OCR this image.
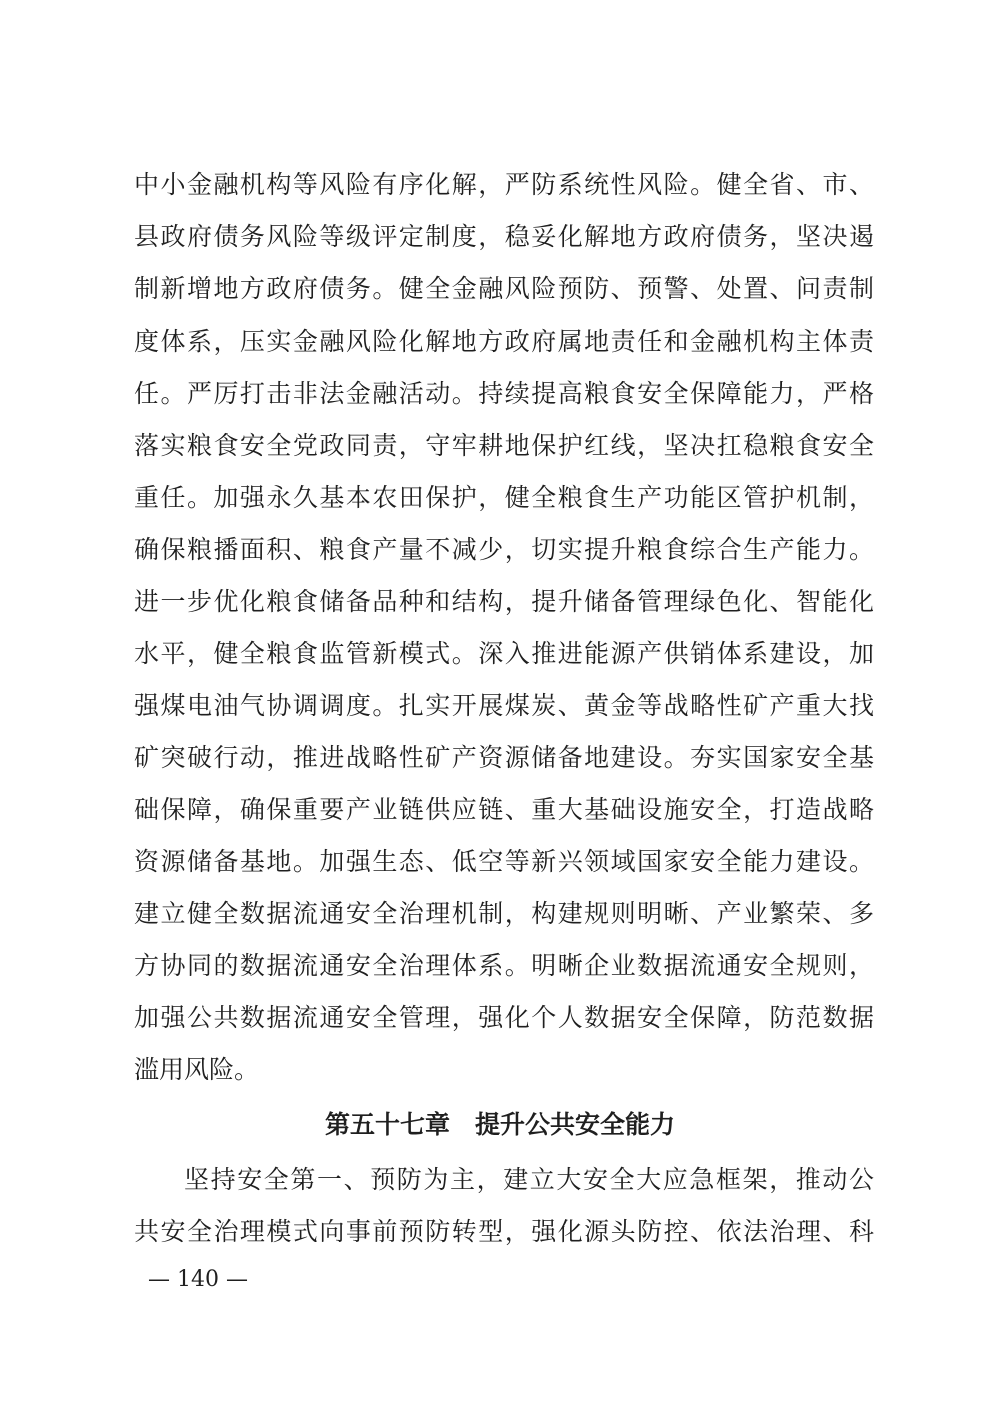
中小金融机构等风险有序化解，严防系统性风险。健全省、市、
县政府债务风险等级评定制度，稳妥化解地方政府债务，坚决遏
制新增地方政府债务。健全金融风险预防、预警、处置、问责制
度体系，压实金融风险化解地方政府属地责任和金融机构主体责
任。严厉打击非法金融活动。持续提高粮食安全保障能力，严格
落实粮食安全党政同责，守牢耕地保护红线，坚决扛稳粮食安全
重任。加强永久基本农田保护，健全粮食生产功能区管护机制，
确保粮播面积、粮食产量不减少，切实提升粮食综合生产能力。
进一步优化粮食储备品种和结构，提升储备管理绿色化、智能化
水平，健全粮食监管新模式。深入推进能源产供销体系建设，加
强煤电油气协调调度。扎实开展煤炭、黄金等战略性矿产重大找
矿突破行动，推进战略性矿产资源储备地建设。夯实国家安全基
础保障，确保重要产业链供应链、重大基础设施安全，打造战略
资源储备基地。加强生态、低空等新兴领域国家安全能力建设。
建立健全数据流通安全治理机制，构建规则明晰、产业繁荣、多
方协同的数据流通安全治理体系。明晰企业数据流通安全规则，
加强公共数据流通安全管理，强化个人数据安全保障，防范数据
滥用风险。
第五十七章　提升公共安全能力
坚持安全第一、预防为主，建立大安全大应急框架，推动公
共安全治理模式向事前预防转型，强化源头防控、依法治理、科
— 140 —
